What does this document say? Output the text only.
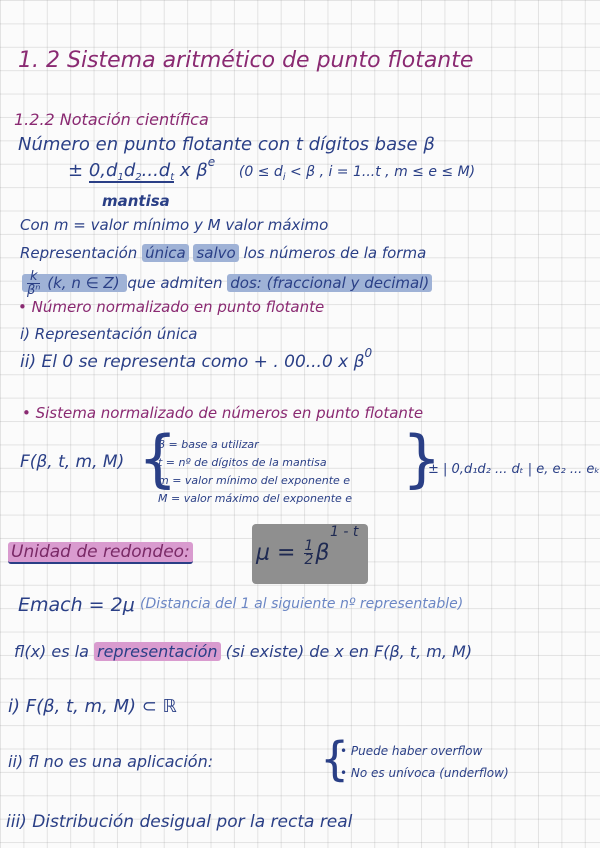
1. 2 Sistema aritmético de punto flotante
1.2.2 Notación científica
Número en punto flotante con t dígitos base β
± $0,d_1d_2...d_t$ x $\beta^e$ ($0 \le d_i < \beta$ , i = 1...t , m ≤ e ≤ M)
mantisa
Con m = valor mínimo y M valor máximo
Representación única salvo los números de la forma
$\frac{k}{\text{βⁿ}} (k$, n ∈ Z) que admiten dos: (fraccional y decimal)
• Número normalizado en punto flotante
i) Representación única
ii) El 0 se representa como + . 00...0 x $\beta^0$
• Sistema normalizado de números en punto flotante
F(β, t, m, M) {
β = base a utilizar
t = nº de dígitos de la mantisa
m = valor mínimo del exponente e
M = valor máximo del exponente e
}
± | 0,d₁d₂ ... dₜ | e, e₂ ... eₖ
Unidad de redondeo:	$\mu = \frac{1}{2}$ β
1 - t
Emach = 2μ (Distancia del 1 al siguiente nº representable)
fl(x) es la representación (si existe) de x en F(β, t, m, M)
i) F(β, t, m, M) ⊂ ℝ
ii) fl no es una aplicación: {
• Puede haber overflow
• No es unívoca (underflow)
iii) Distribución desigual por la recta real
